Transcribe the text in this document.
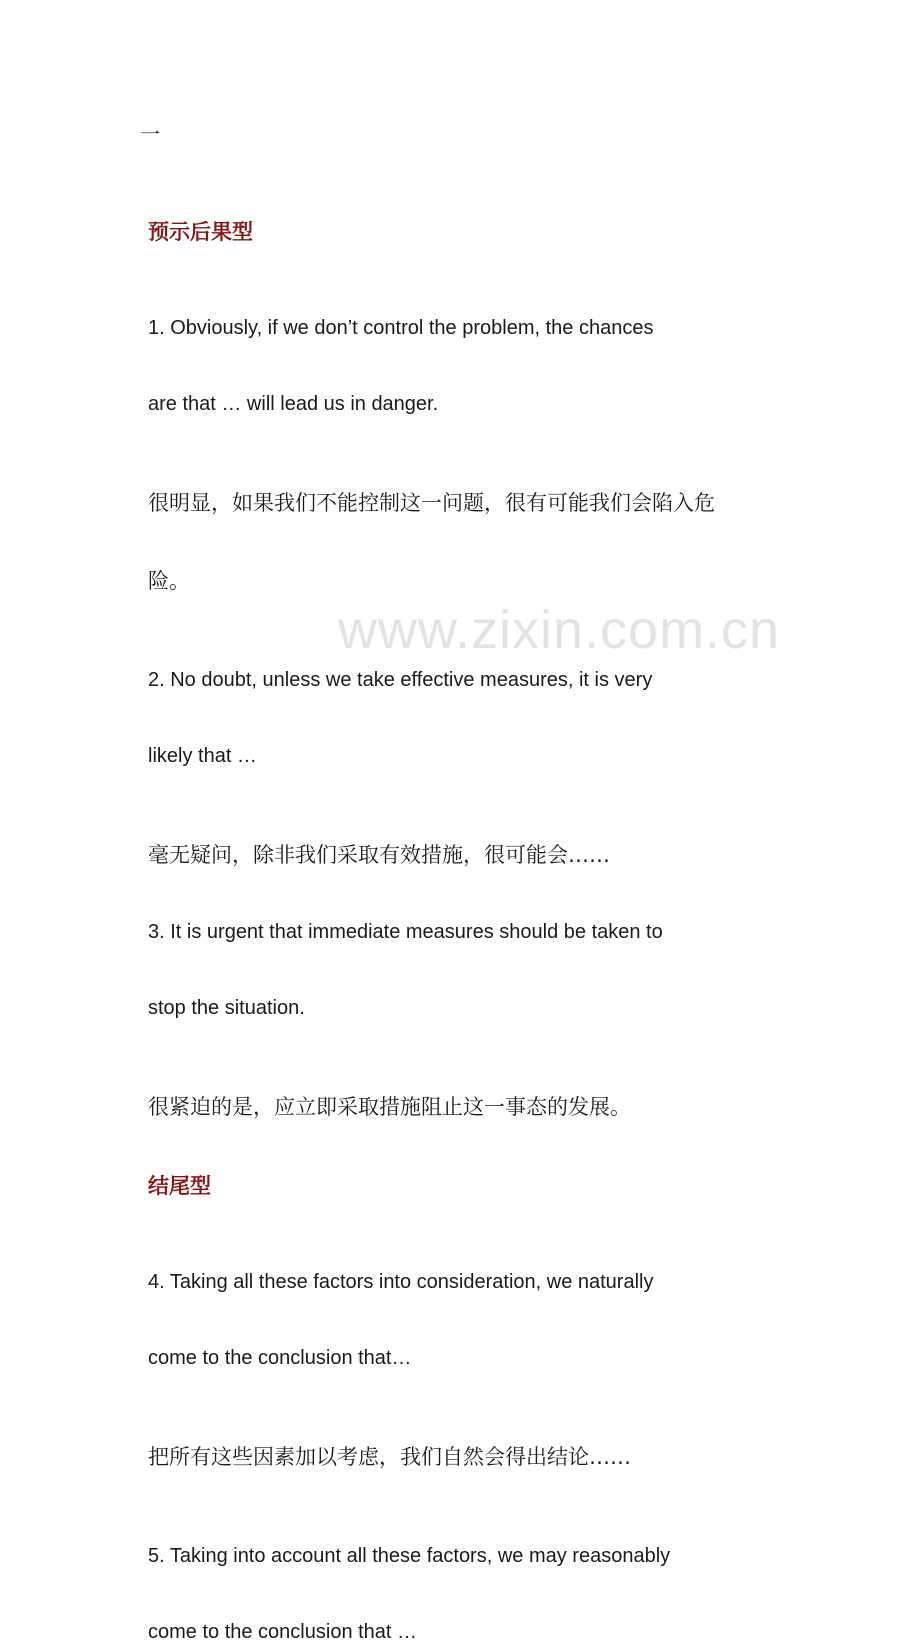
www.zixin.com.cn
一
预示后果型
1. Obviously, if we don’t control the problem, the chances
are that … will lead us in danger.
很明显，如果我们不能控制这一问题，很有可能我们会陷入危
险。
2. No doubt, unless we take effective measures, it is very
likely that …
毫无疑问，除非我们采取有效措施，很可能会……
3. It is urgent that immediate measures should be taken to
stop the situation.
很紧迫的是，应立即采取措施阻止这一事态的发展。
结尾型
4. Taking all these factors into consideration, we naturally
come to the conclusion that…
把所有这些因素加以考虑，我们自然会得出结论……
5. Taking into account all these factors, we may reasonably
come to the conclusion that …
